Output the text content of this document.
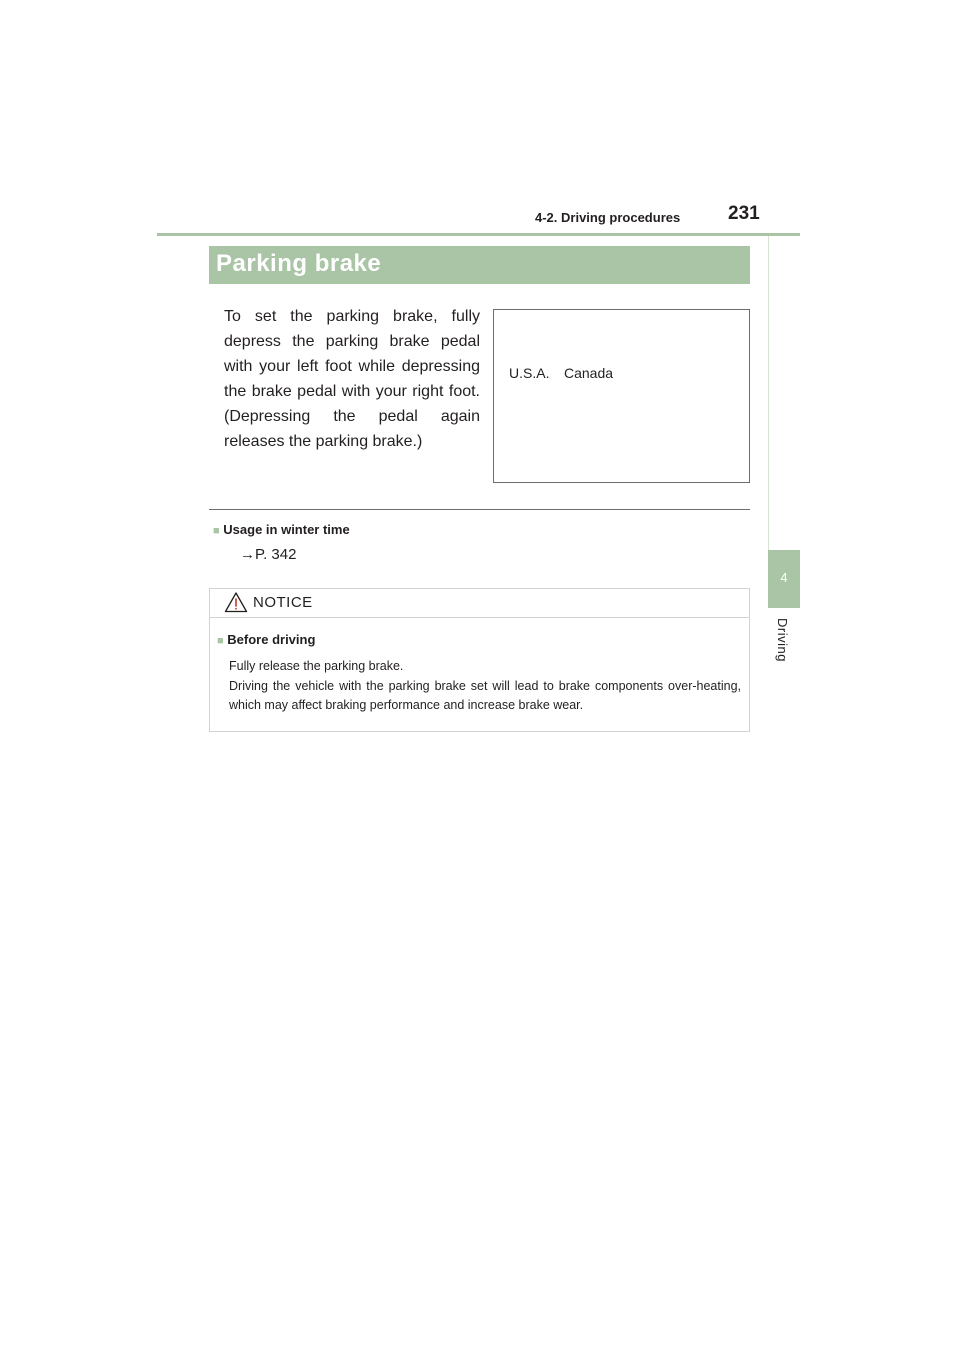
4-2. Driving procedures	231
4
Driving
Parking brake

To set the parking brake, fully depress the parking brake pedal with your left foot while depressing the brake pedal with your right foot. (Depressing the pedal again releases the parking brake.)

U.S.A. Canada
■ Usage in winter time
→P. 342
NOTICE
■ Before driving
Fully release the parking brake.
Driving the vehicle with the parking brake set will lead to brake components over-heating, which may affect braking performance and increase brake wear.
